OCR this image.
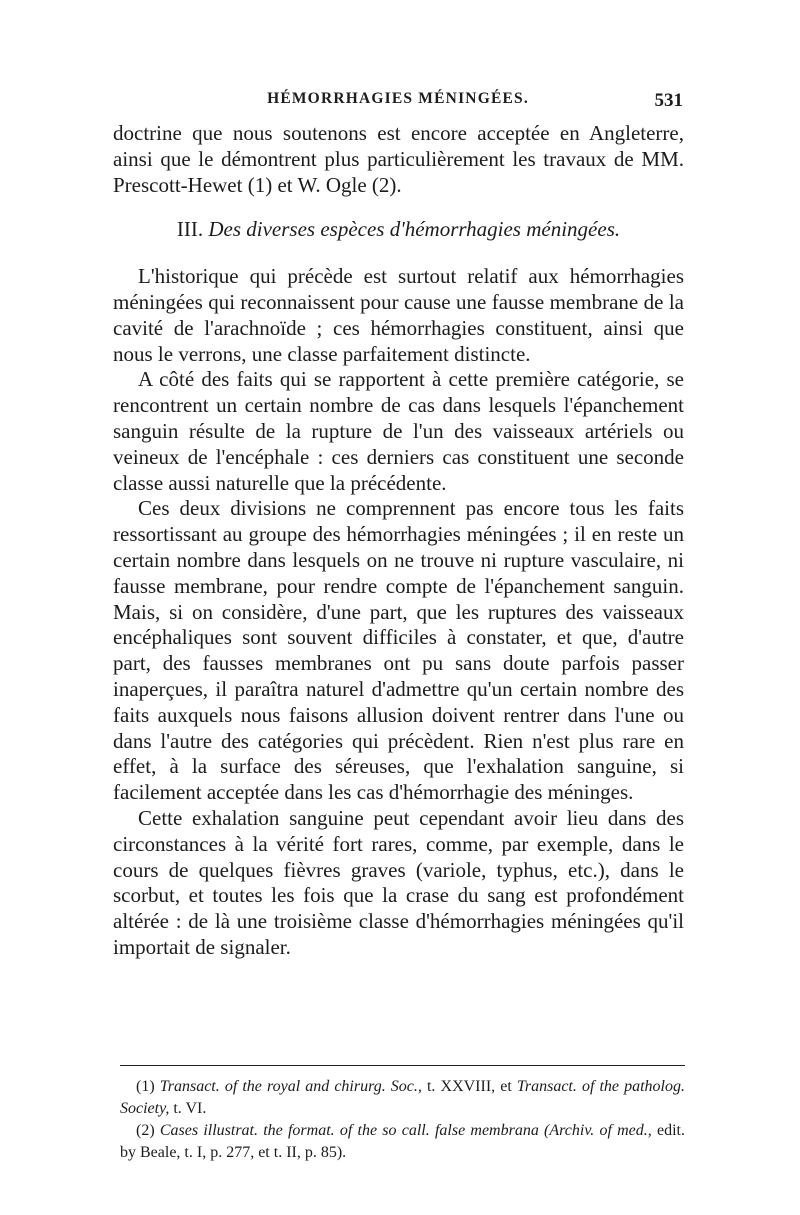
HÉMORRHAGIES MÉNINGÉES.	531

doctrine que nous soutenons est encore acceptée en Angleterre, ainsi que le démontrent plus particulièrement les travaux de MM. Prescott-Hewet (1) et W. Ogle (2).

III. Des diverses espèces d'hémorrhagies méningées.

L'historique qui précède est surtout relatif aux hémorrhagies méningées qui reconnaissent pour cause une fausse membrane de la cavité de l'arachnoïde ; ces hémorrhagies constituent, ainsi que nous le verrons, une classe parfaitement distincte.

A côté des faits qui se rapportent à cette première catégorie, se rencontrent un certain nombre de cas dans lesquels l'épanchement sanguin résulte de la rupture de l'un des vaisseaux artériels ou veineux de l'encéphale : ces derniers cas constituent une seconde classe aussi naturelle que la précédente.

Ces deux divisions ne comprennent pas encore tous les faits ressortissant au groupe des hémorrhagies méningées ; il en reste un certain nombre dans lesquels on ne trouve ni rupture vasculaire, ni fausse membrane, pour rendre compte de l'épanchement sanguin. Mais, si on considère, d'une part, que les ruptures des vaisseaux encéphaliques sont souvent difficiles à constater, et que, d'autre part, des fausses membranes ont pu sans doute parfois passer inaperçues, il paraîtra naturel d'admettre qu'un certain nombre des faits auxquels nous faisons allusion doivent rentrer dans l'une ou dans l'autre des catégories qui précèdent. Rien n'est plus rare en effet, à la surface des séreuses, que l'exhalation sanguine, si facilement acceptée dans les cas d'hémorrhagie des méninges.

Cette exhalation sanguine peut cependant avoir lieu dans des circonstances à la vérité fort rares, comme, par exemple, dans le cours de quelques fièvres graves (variole, typhus, etc.), dans le scorbut, et toutes les fois que la crase du sang est profondément altérée : de là une troisième classe d'hémorrhagies méningées qu'il importait de signaler.

(1) Transact. of the royal and chirurg. Soc., t. XXVIII, et Transact. of the patholog. Society, t. VI.

(2) Cases illustrat. the format. of the so call. false membrana (Archiv. of med., edit. by Beale, t. I, p. 277, et t. II, p. 85).
